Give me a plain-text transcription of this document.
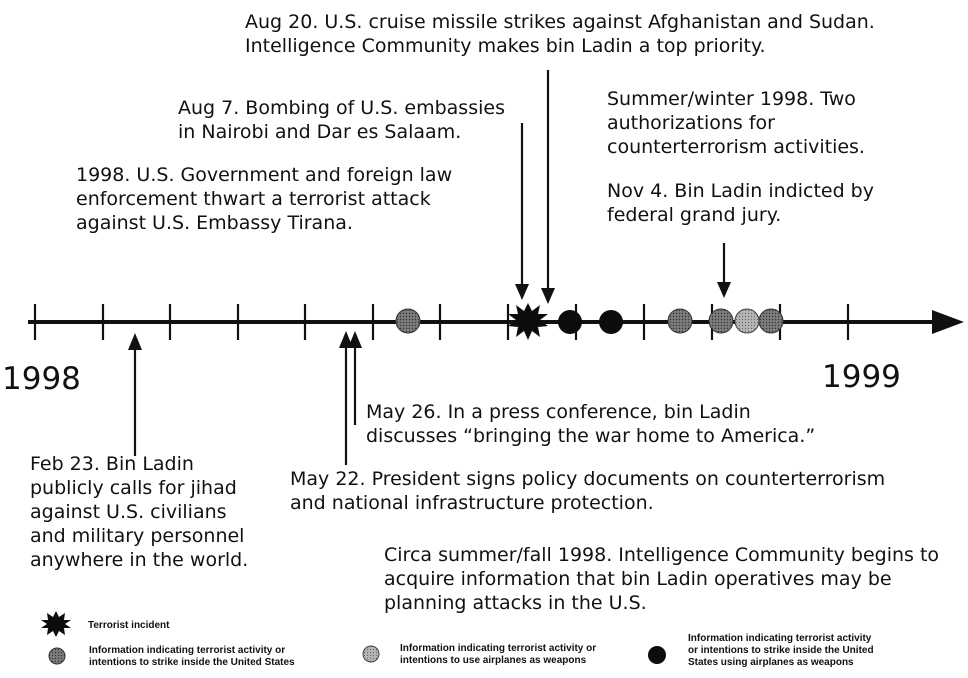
1998	1999

Aug 20. U.S. cruise missile strikes against Afghanistan and Sudan.
Intelligence Community makes bin Ladin a top priority.

Aug 7. Bombing of U.S. embassies
in Nairobi and Dar es Salaam.

Summer/winter 1998. Two
authorizations for
counterterrorism activities.

1998. U.S. Government and foreign law
enforcement thwart a terrorist attack
against U.S. Embassy Tirana.

Nov 4. Bin Ladin indicted by
federal grand jury.

May 26. In a press conference, bin Ladin
discusses “bringing the war home to America.”

Feb 23. Bin Ladin
publicly calls for jihad
against U.S. civilians
and military personnel
anywhere in the world.

May 22. President signs policy documents on counterterrorism
and national infrastructure protection.

Circa summer/fall 1998. Intelligence Community begins to
acquire information that bin Ladin operatives may be
planning attacks in the U.S.

Terrorist incident

Information indicating terrorist activity or
intentions to strike inside the United States

Information indicating terrorist activity or
intentions to use airplanes as weapons

Information indicating terrorist activity
or intentions to strike inside the United
States using airplanes as weapons
